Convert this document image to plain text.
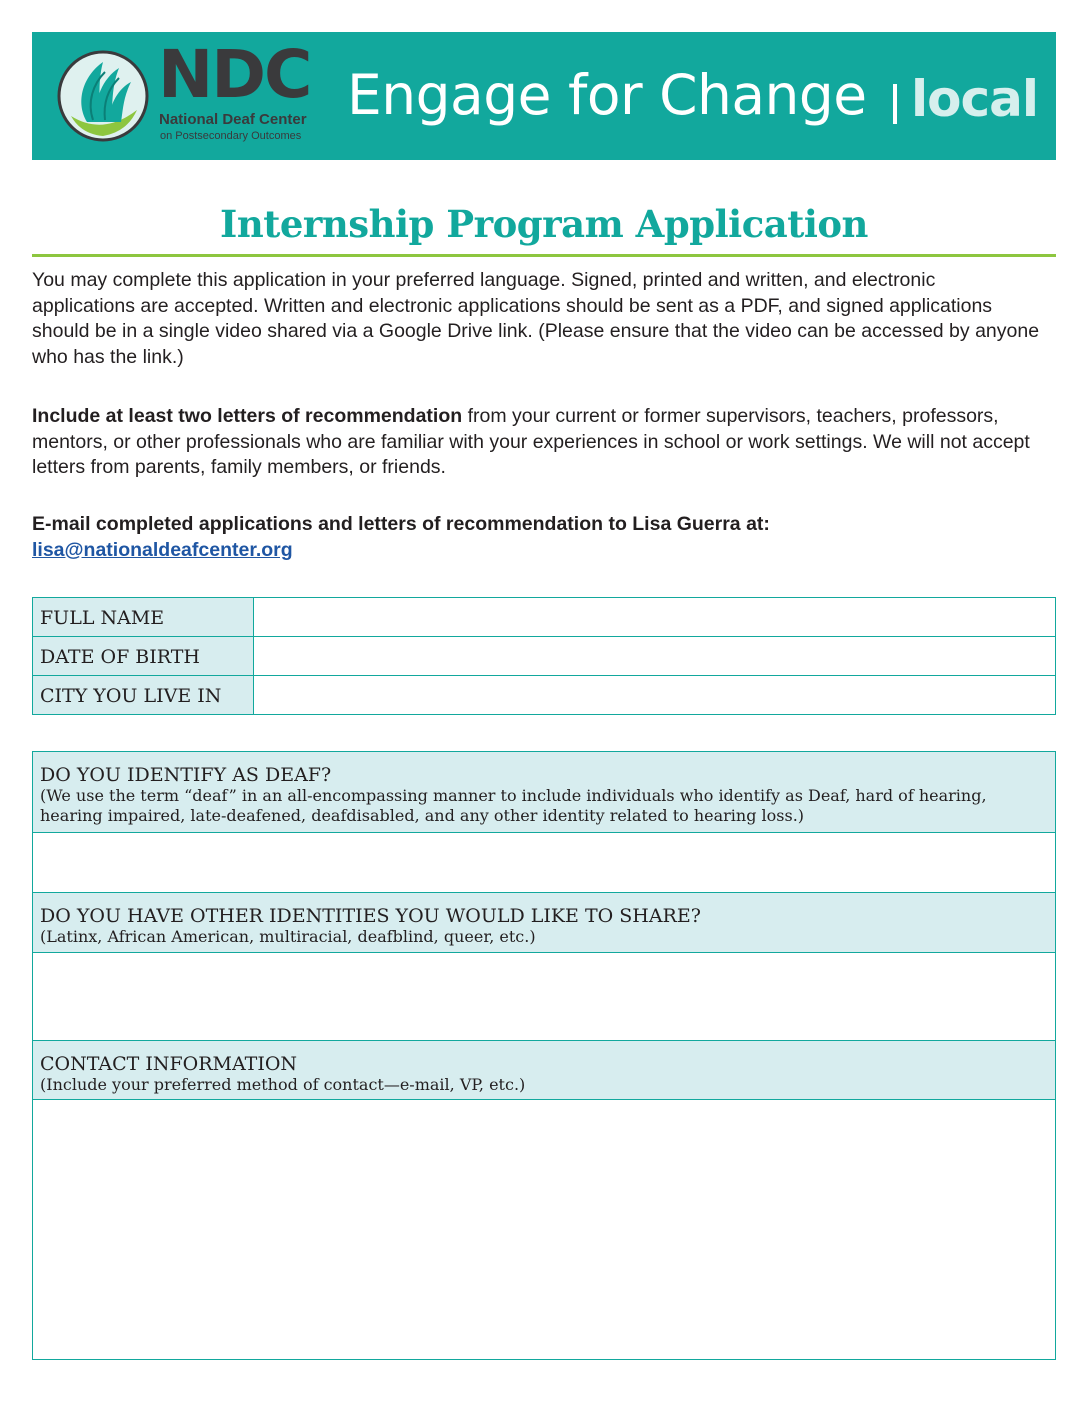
NDC
National Deaf Center
on Postsecondary Outcomes
Engage for Change local
Internship Program Application

You may complete this application in your preferred language. Signed, printed and written, and electronic applications are accepted. Written and electronic applications should be sent as a PDF, and signed applications should be in a single video shared via a Google Drive link. (Please ensure that the video can be accessed by anyone who has the link.)

Include at least two letters of recommendation from your current or former supervisors, teachers, professors, mentors, or other professionals who are familiar with your experiences in school or work settings. We will not accept letters from parents, family members, or friends.

E-mail completed applications and letters of recommendation to Lisa Guerra at:
lisa@nationaldeafcenter.org

FULL NAME	
DATE OF BIRTH	
CITY YOU LIVE IN	
DO YOU IDENTIFY AS DEAF?
(We use the term “deaf” in an all-encompassing manner to include individuals who identify as Deaf, hard of hearing, hearing impaired, late-deafened, deafdisabled, and any other identity related to hearing loss.)
DO YOU HAVE OTHER IDENTITIES YOU WOULD LIKE TO SHARE?
(Latinx, African American, multiracial, deafblind, queer, etc.)
CONTACT INFORMATION
(Include your preferred method of contact—e-mail, VP, etc.)
